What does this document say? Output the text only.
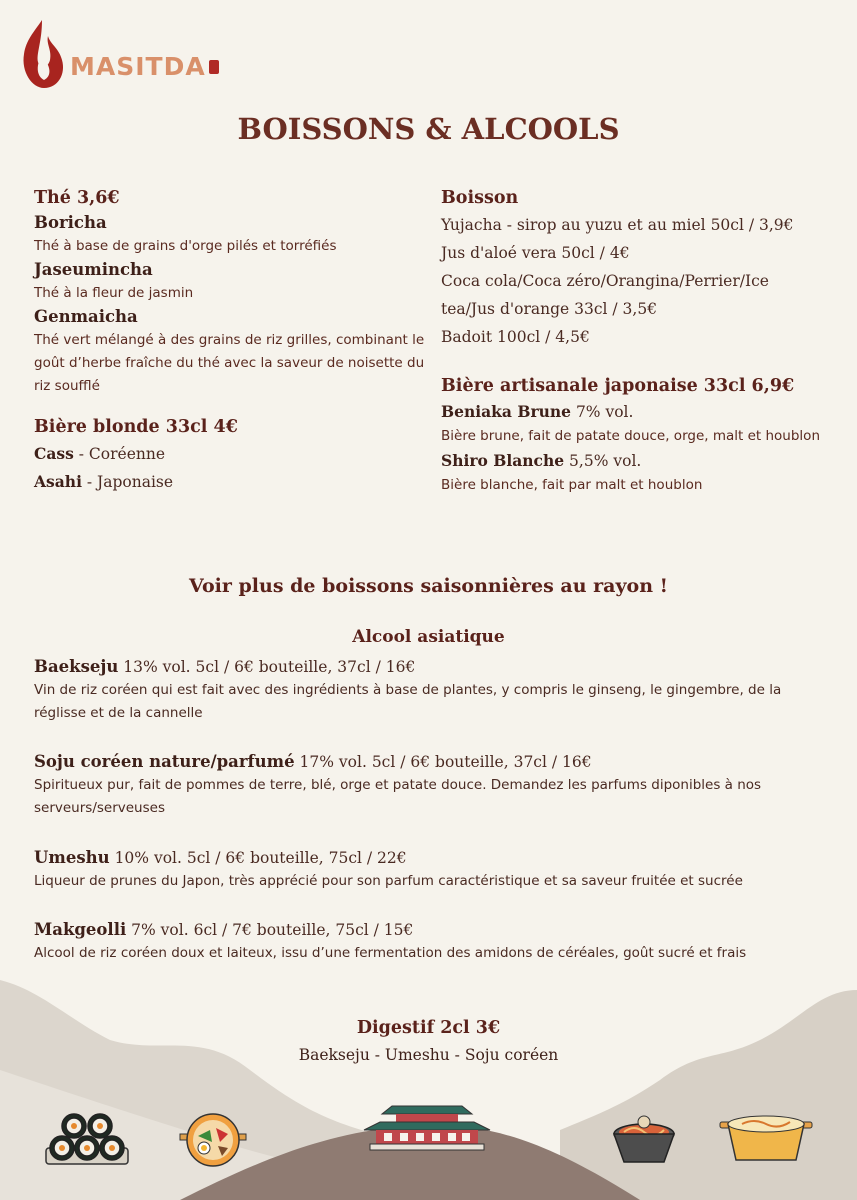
MASITDA
BOISSONS & ALCOOLS
Thé 3,6€
Boricha
Thé à base de grains d'orge pilés et torréfiés
Jaseumincha
Thé à la fleur de jasmin
Genmaicha
Thé vert mélangé à des grains de riz grilles, combinant le goût d’herbe fraîche du thé avec la saveur de noisette du riz soufflé
Bière blonde 33cl 4€
Cass - Coréenne
Asahi - Japonaise
Boisson
Yujacha - sirop au yuzu et au miel 50cl / 3,9€
Jus d'aloé vera 50cl / 4€
Coca cola/Coca zéro/Orangina/Perrier/Ice
tea/Jus d'orange 33cl / 3,5€
Badoit 100cl / 4,5€
Bière artisanale japonaise 33cl 6,9€
Beniaka Brune 7% vol.
Bière brune, fait de patate douce, orge, malt et houblon
Shiro Blanche 5,5% vol.
Bière blanche, fait par malt et houblon
Voir plus de boissons saisonnières au rayon !
Alcool asiatique
Baekseju 13% vol. 5cl / 6€ bouteille, 37cl / 16€
Vin de riz coréen qui est fait avec des ingrédients à base de plantes, y compris le ginseng, le gingembre, de la réglisse et de la cannelle
Soju coréen nature/parfumé 17% vol. 5cl / 6€ bouteille, 37cl / 16€
Spiritueux pur, fait de pommes de terre, blé, orge et patate douce. Demandez les parfums diponibles à nos serveurs/serveuses
Umeshu 10% vol. 5cl / 6€ bouteille, 75cl / 22€
Liqueur de prunes du Japon, très apprécié pour son parfum caractéristique et sa saveur fruitée et sucrée
Makgeolli 7% vol. 6cl / 7€ bouteille, 75cl / 15€
Alcool de riz coréen doux et laiteux, issu d’une fermentation des amidons de céréales, goût sucré et frais
Digestif 2cl 3€
Baekseju - Umeshu - Soju coréen
